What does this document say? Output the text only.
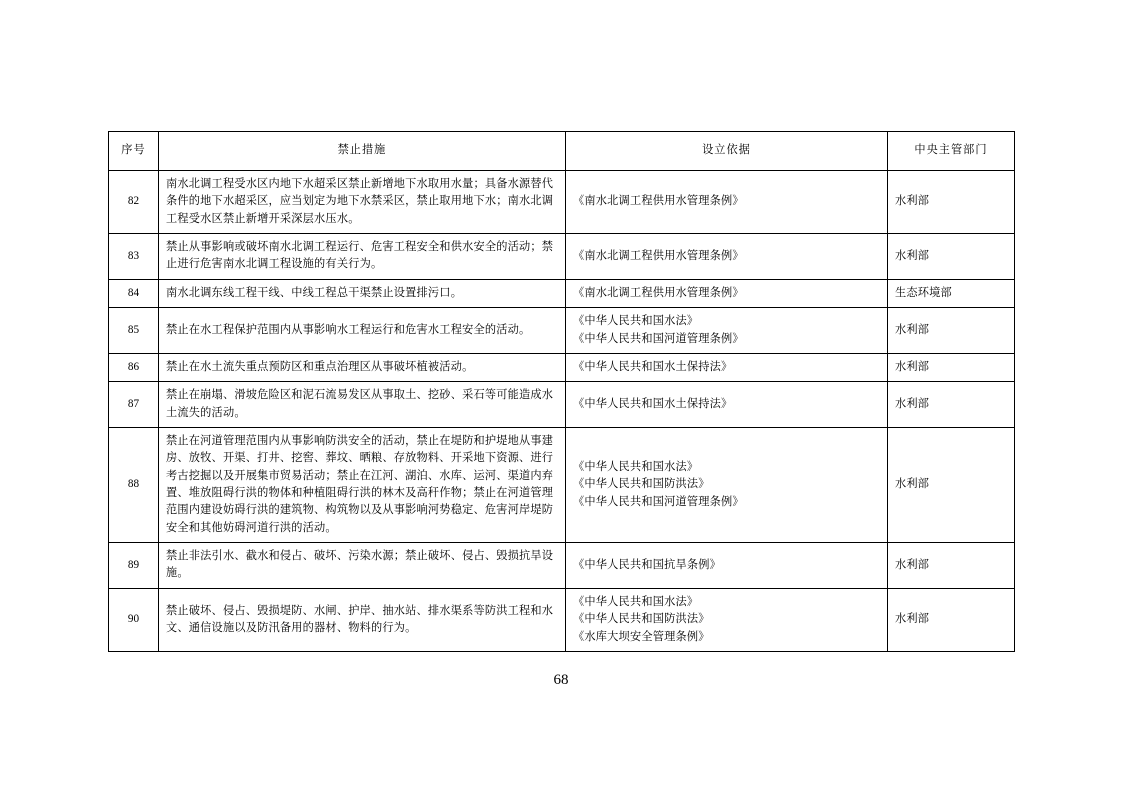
序号	禁止措施	设立依据	中央主管部门
82	南水北调工程受水区内地下水超采区禁止新增地下水取用水量；具备水源替代条件的地下水超采区，应当划定为地下水禁采区，禁止取用地下水；南水北调工程受水区禁止新增开采深层水压水。	《南水北调工程供用水管理条例》	水利部
83	禁止从事影响或破坏南水北调工程运行、危害工程安全和供水安全的活动；禁止进行危害南水北调工程设施的有关行为。	《南水北调工程供用水管理条例》	水利部
84	南水北调东线工程干线、中线工程总干渠禁止设置排污口。	《南水北调工程供用水管理条例》	生态环境部
85	禁止在水工程保护范围内从事影响水工程运行和危害水工程安全的活动。	《中华人民共和国水法》
《中华人民共和国河道管理条例》	水利部
86	禁止在水土流失重点预防区和重点治理区从事破坏植被活动。	《中华人民共和国水土保持法》	水利部
87	禁止在崩塌、滑坡危险区和泥石流易发区从事取土、挖砂、采石等可能造成水土流失的活动。	《中华人民共和国水土保持法》	水利部
88	禁止在河道管理范围内从事影响防洪安全的活动，禁止在堤防和护堤地从事建房、放牧、开渠、打井、挖窖、葬坟、晒粮、存放物料、开采地下资源、进行考古挖掘以及开展集市贸易活动；禁止在江河、湖泊、水库、运河、渠道内弃置、堆放阻碍行洪的物体和种植阻碍行洪的林木及高秆作物；禁止在河道管理范围内建设妨碍行洪的建筑物、构筑物以及从事影响河势稳定、危害河岸堤防安全和其他妨碍河道行洪的活动。	《中华人民共和国水法》
《中华人民共和国防洪法》
《中华人民共和国河道管理条例》	水利部
89	禁止非法引水、截水和侵占、破坏、污染水源；禁止破坏、侵占、毁损抗旱设施。	《中华人民共和国抗旱条例》	水利部
90	禁止破坏、侵占、毁损堤防、水闸、护岸、抽水站、排水渠系等防洪工程和水文、通信设施以及防汛备用的器材、物料的行为。	《中华人民共和国水法》
《中华人民共和国防洪法》
《水库大坝安全管理条例》	水利部
68
